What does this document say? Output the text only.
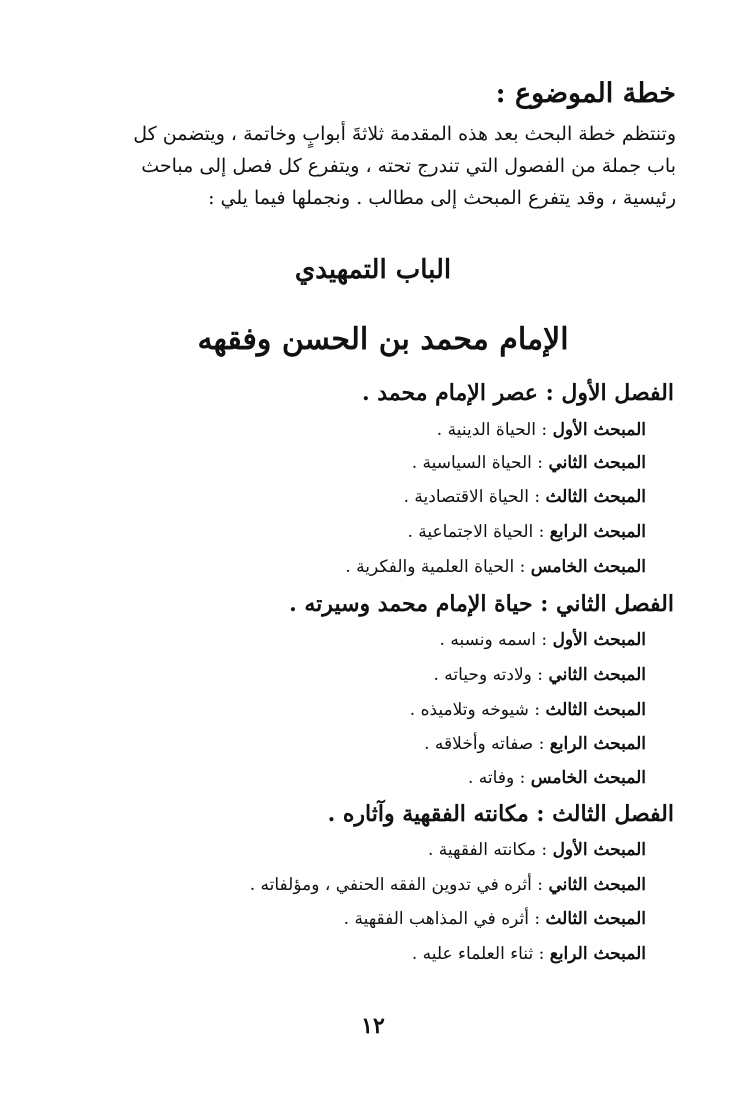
خطة الموضوع :
وتنتظم خطة البحث بعد هذه المقدمة ثلاثةَ أبوابٍ وخاتمة ، ويتضمن كل
باب جملة من الفصول التي تندرج تحته ، ويتفرع كل فصل إلى مباحث
رئيسية ، وقد يتفرع المبحث إلى مطالب . ونجملها فيما يلي :
الباب التمهيدي
الإمام محمد بن الحسن وفقهه
الفصل الأول : عصر الإمام محمد .
المبحث الأول : الحياة الدينية .
المبحث الثاني : الحياة السياسية .
المبحث الثالث : الحياة الاقتصادية .
المبحث الرابع : الحياة الاجتماعية .
المبحث الخامس : الحياة العلمية والفكرية .
الفصل الثاني : حياة الإمام محمد وسيرته .
المبحث الأول : اسمه ونسبه .
المبحث الثاني : ولادته وحياته .
المبحث الثالث : شيوخه وتلاميذه .
المبحث الرابع : صفاته وأخلاقه .
المبحث الخامس : وفاته .
الفصل الثالث : مكانته الفقهية وآثاره .
المبحث الأول : مكانته الفقهية .
المبحث الثاني : أثره في تدوين الفقه الحنفي ، ومؤلفاته .
المبحث الثالث : أثره في المذاهب الفقهية .
المبحث الرابع : ثناء العلماء عليه .
١٢
